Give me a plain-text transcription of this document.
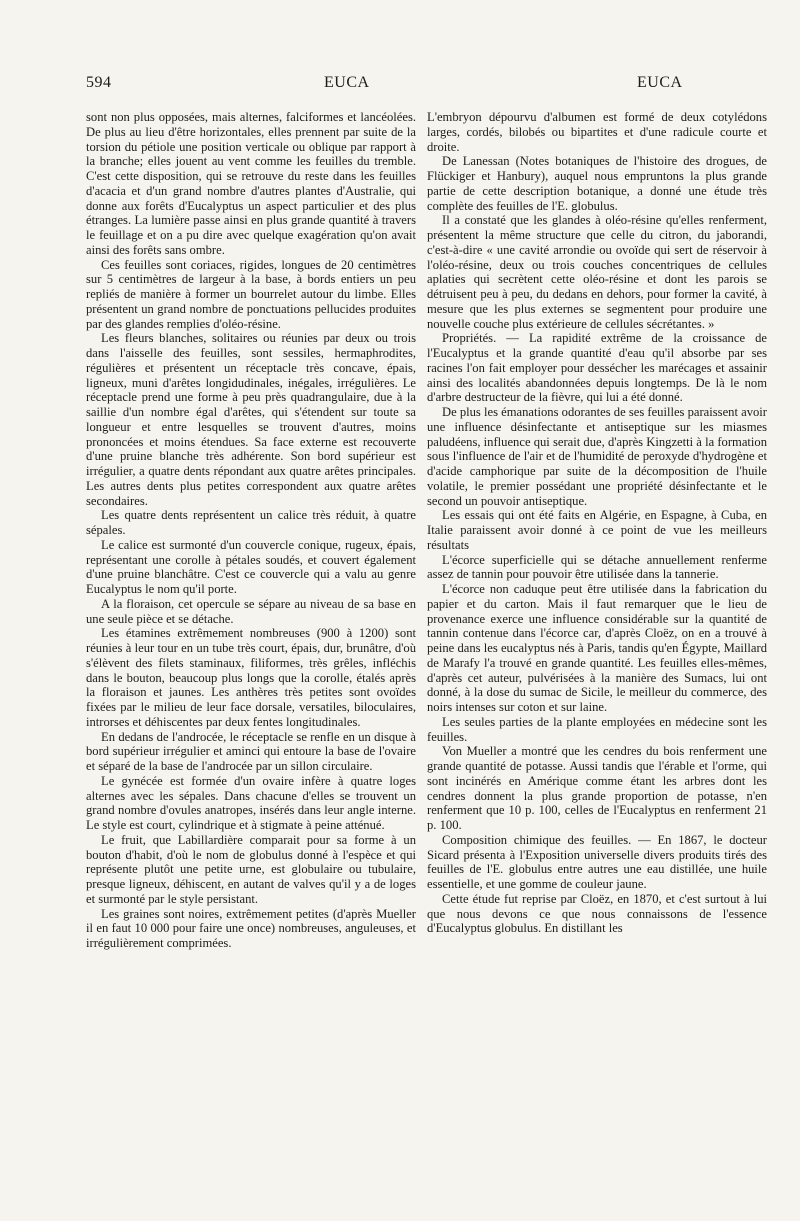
594	EUCA	EUCA

sont non plus opposées, mais alternes, falciformes et lancéolées. De plus au lieu d'être horizontales, elles prennent par suite de la torsion du pétiole une position verticale ou oblique par rapport à la branche; elles jouent au vent comme les feuilles du tremble. C'est cette disposition, qui se retrouve du reste dans les feuilles d'acacia et d'un grand nombre d'autres plantes d'Australie, qui donne aux forêts d'Eucalyptus un aspect particulier et des plus étranges. La lumière passe ainsi en plus grande quantité à travers le feuillage et on a pu dire avec quelque exagération qu'on avait ainsi des forêts sans ombre.

Ces feuilles sont coriaces, rigides, longues de 20 centimètres sur 5 centimètres de largeur à la base, à bords entiers un peu repliés de manière à former un bourrelet autour du limbe. Elles présentent un grand nombre de ponctuations pellucides produites par des glandes remplies d'oléo-résine.

Les fleurs blanches, solitaires ou réunies par deux ou trois dans l'aisselle des feuilles, sont sessiles, hermaphrodites, régulières et présentent un réceptacle très concave, épais, ligneux, muni d'arêtes longidudinales, inégales, irrégulières. Le réceptacle prend une forme à peu près quadrangulaire, due à la saillie d'un nombre égal d'arêtes, qui s'étendent sur toute sa longueur et entre lesquelles se trouvent d'autres, moins prononcées et moins étendues. Sa face externe est recouverte d'une pruine blanche très adhérente. Son bord supérieur est irrégulier, a quatre dents répondant aux quatre arêtes principales. Les autres dents plus petites correspondent aux quatre arêtes secondaires.

Les quatre dents représentent un calice très réduit, à quatre sépales.

Le calice est surmonté d'un couvercle conique, rugeux, épais, représentant une corolle à pétales soudés, et couvert également d'une pruine blanchâtre. C'est ce couvercle qui a valu au genre Eucalyptus le nom qu'il porte.

A la floraison, cet opercule se sépare au niveau de sa base en une seule pièce et se détache.

Les étamines extrêmement nombreuses (900 à 1200) sont réunies à leur tour en un tube très court, épais, dur, brunâtre, d'où s'élèvent des filets staminaux, filiformes, très grêles, infléchis dans le bouton, beaucoup plus longs que la corolle, étalés après la floraison et jaunes. Les anthères très petites sont ovoïdes fixées par le milieu de leur face dorsale, versatiles, biloculaires, introrses et déhiscentes par deux fentes longitudinales.

En dedans de l'androcée, le réceptacle se renfle en un disque à bord supérieur irrégulier et aminci qui entoure la base de l'ovaire et séparé de la base de l'androcée par un sillon circulaire.

Le gynécée est formée d'un ovaire infère à quatre loges alternes avec les sépales. Dans chacune d'elles se trouvent un grand nombre d'ovules anatropes, insérés dans leur angle interne. Le style est court, cylindrique et à stigmate à peine atténué.

Le fruit, que Labillardière comparait pour sa forme à un bouton d'habit, d'où le nom de globulus donné à l'espèce et qui représente plutôt une petite urne, est globulaire ou tubulaire, presque ligneux, déhiscent, en autant de valves qu'il y a de loges et surmonté par le style persistant.

Les graines sont noires, extrêmement petites (d'après Mueller il en faut 10 000 pour faire une once) nombreuses, anguleuses, et irrégulièrement comprimées.

L'embryon dépourvu d'albumen est formé de deux cotylédons larges, cordés, bilobés ou bipartites et d'une radicule courte et droite.

De Lanessan (Notes botaniques de l'histoire des drogues, de Flückiger et Hanbury), auquel nous empruntons la plus grande partie de cette description botanique, a donné une étude très complète des feuilles de l'E. globulus.

Il a constaté que les glandes à oléo-résine qu'elles renferment, présentent la même structure que celle du citron, du jaborandi, c'est-à-dire « une cavité arrondie ou ovoïde qui sert de réservoir à l'oléo-résine, deux ou trois couches concentriques de cellules aplaties qui secrètent cette oléo-résine et dont les parois se détruisent peu à peu, du dedans en dehors, pour former la cavité, à mesure que les plus externes se segmentent pour produire une nouvelle couche plus extérieure de cellules sécrétantes. »

Propriétés. — La rapidité extrême de la croissance de l'Eucalyptus et la grande quantité d'eau qu'il absorbe par ses racines l'on fait employer pour dessécher les marécages et assainir ainsi des localités abandonnées depuis longtemps. De là le nom d'arbre destructeur de la fièvre, qui lui a été donné.

De plus les émanations odorantes de ses feuilles paraissent avoir une influence désinfectante et antiseptique sur les miasmes paludéens, influence qui serait due, d'après Kingzetti à la formation sous l'influence de l'air et de l'humidité de peroxyde d'hydrogène et d'acide camphorique par suite de la décomposition de l'huile volatile, le premier possédant une propriété désinfectante et le second un pouvoir antiseptique.

Les essais qui ont été faits en Algérie, en Espagne, à Cuba, en Italie paraissent avoir donné à ce point de vue les meilleurs résultats

L'écorce superficielle qui se détache annuellement renferme assez de tannin pour pouvoir être utilisée dans la tannerie.

L'écorce non caduque peut être utilisée dans la fabrication du papier et du carton. Mais il faut remarquer que le lieu de provenance exerce une influence considérable sur la quantité de tannin contenue dans l'écorce car, d'après Cloëz, on en a trouvé à peine dans les eucalyptus nés à Paris, tandis qu'en Égypte, Maillard de Marafy l'a trouvé en grande quantité. Les feuilles elles-mêmes, d'après cet auteur, pulvérisées à la manière des Sumacs, lui ont donné, à la dose du sumac de Sicile, le meilleur du commerce, des noirs intenses sur coton et sur laine.

Les seules parties de la plante employées en médecine sont les feuilles.

Von Mueller a montré que les cendres du bois renferment une grande quantité de potasse. Aussi tandis que l'érable et l'orme, qui sont incinérés en Amérique comme étant les arbres dont les cendres donnent la plus grande proportion de potasse, n'en renferment que 10 p. 100, celles de l'Eucalyptus en renferment 21 p. 100.

Composition chimique des feuilles. — En 1867, le docteur Sicard présenta à l'Exposition universelle divers produits tirés des feuilles de l'E. globulus entre autres une eau distillée, une huile essentielle, et une gomme de couleur jaune.

Cette étude fut reprise par Cloëz, en 1870, et c'est surtout à lui que nous devons ce que nous connaissons de l'essence d'Eucalyptus globulus. En distillant les
